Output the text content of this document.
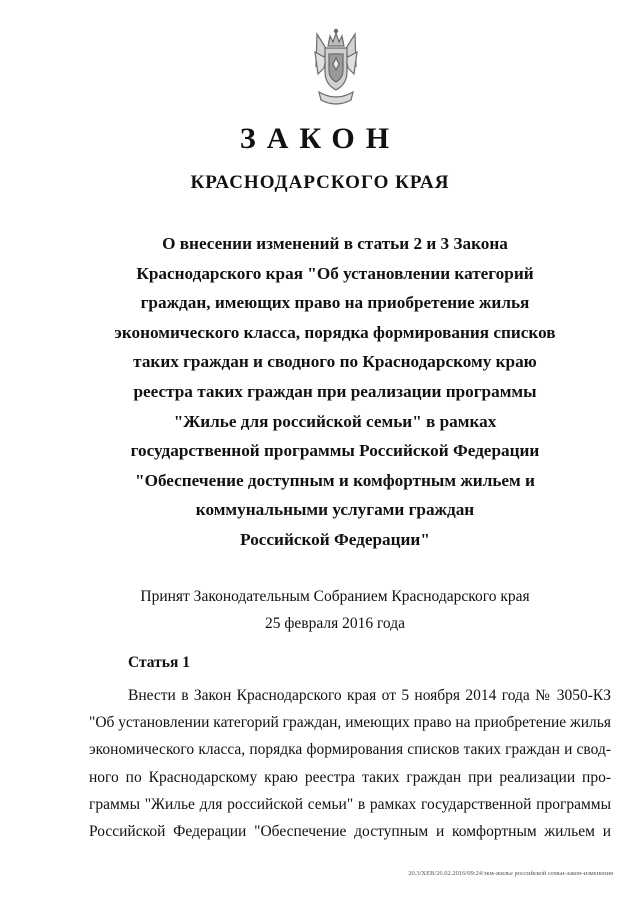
ЗАКОН
КРАСНОДАРСКОГО КРАЯ
О внесении изменений в статьи 2 и 3 Закона
Краснодарского края "Об установлении категорий
граждан, имеющих право на приобретение жилья
экономического класса, порядка формирования списков
таких граждан и сводного по Краснодарскому краю
реестра таких граждан при реализации программы
"Жилье для российской семьи" в рамках
государственной программы Российской Федерации
"Обеспечение доступным и комфортным жильем и
коммунальными услугами граждан
Российской Федерации"
Принят Законодательным Собранием Краснодарского края
25 февраля 2016 года
Статья 1
Внести в Закон Краснодарского края от 5 ноября 2014 года № 3050-КЗ
"Об установлении категорий граждан, имеющих право на приобретение жилья
экономического класса, порядка формирования списков таких граждан и свод-
ного по Краснодарскому краю реестра таких граждан при реализации про-
граммы "Жилье для российской семьи" в рамках государственной программы
Российской Федерации "Обеспечение доступным и комфортным жильем и
20.3/ХЕВ/26.02.2016/09:24/зкм-жилье российской семьи-закон-изменения
